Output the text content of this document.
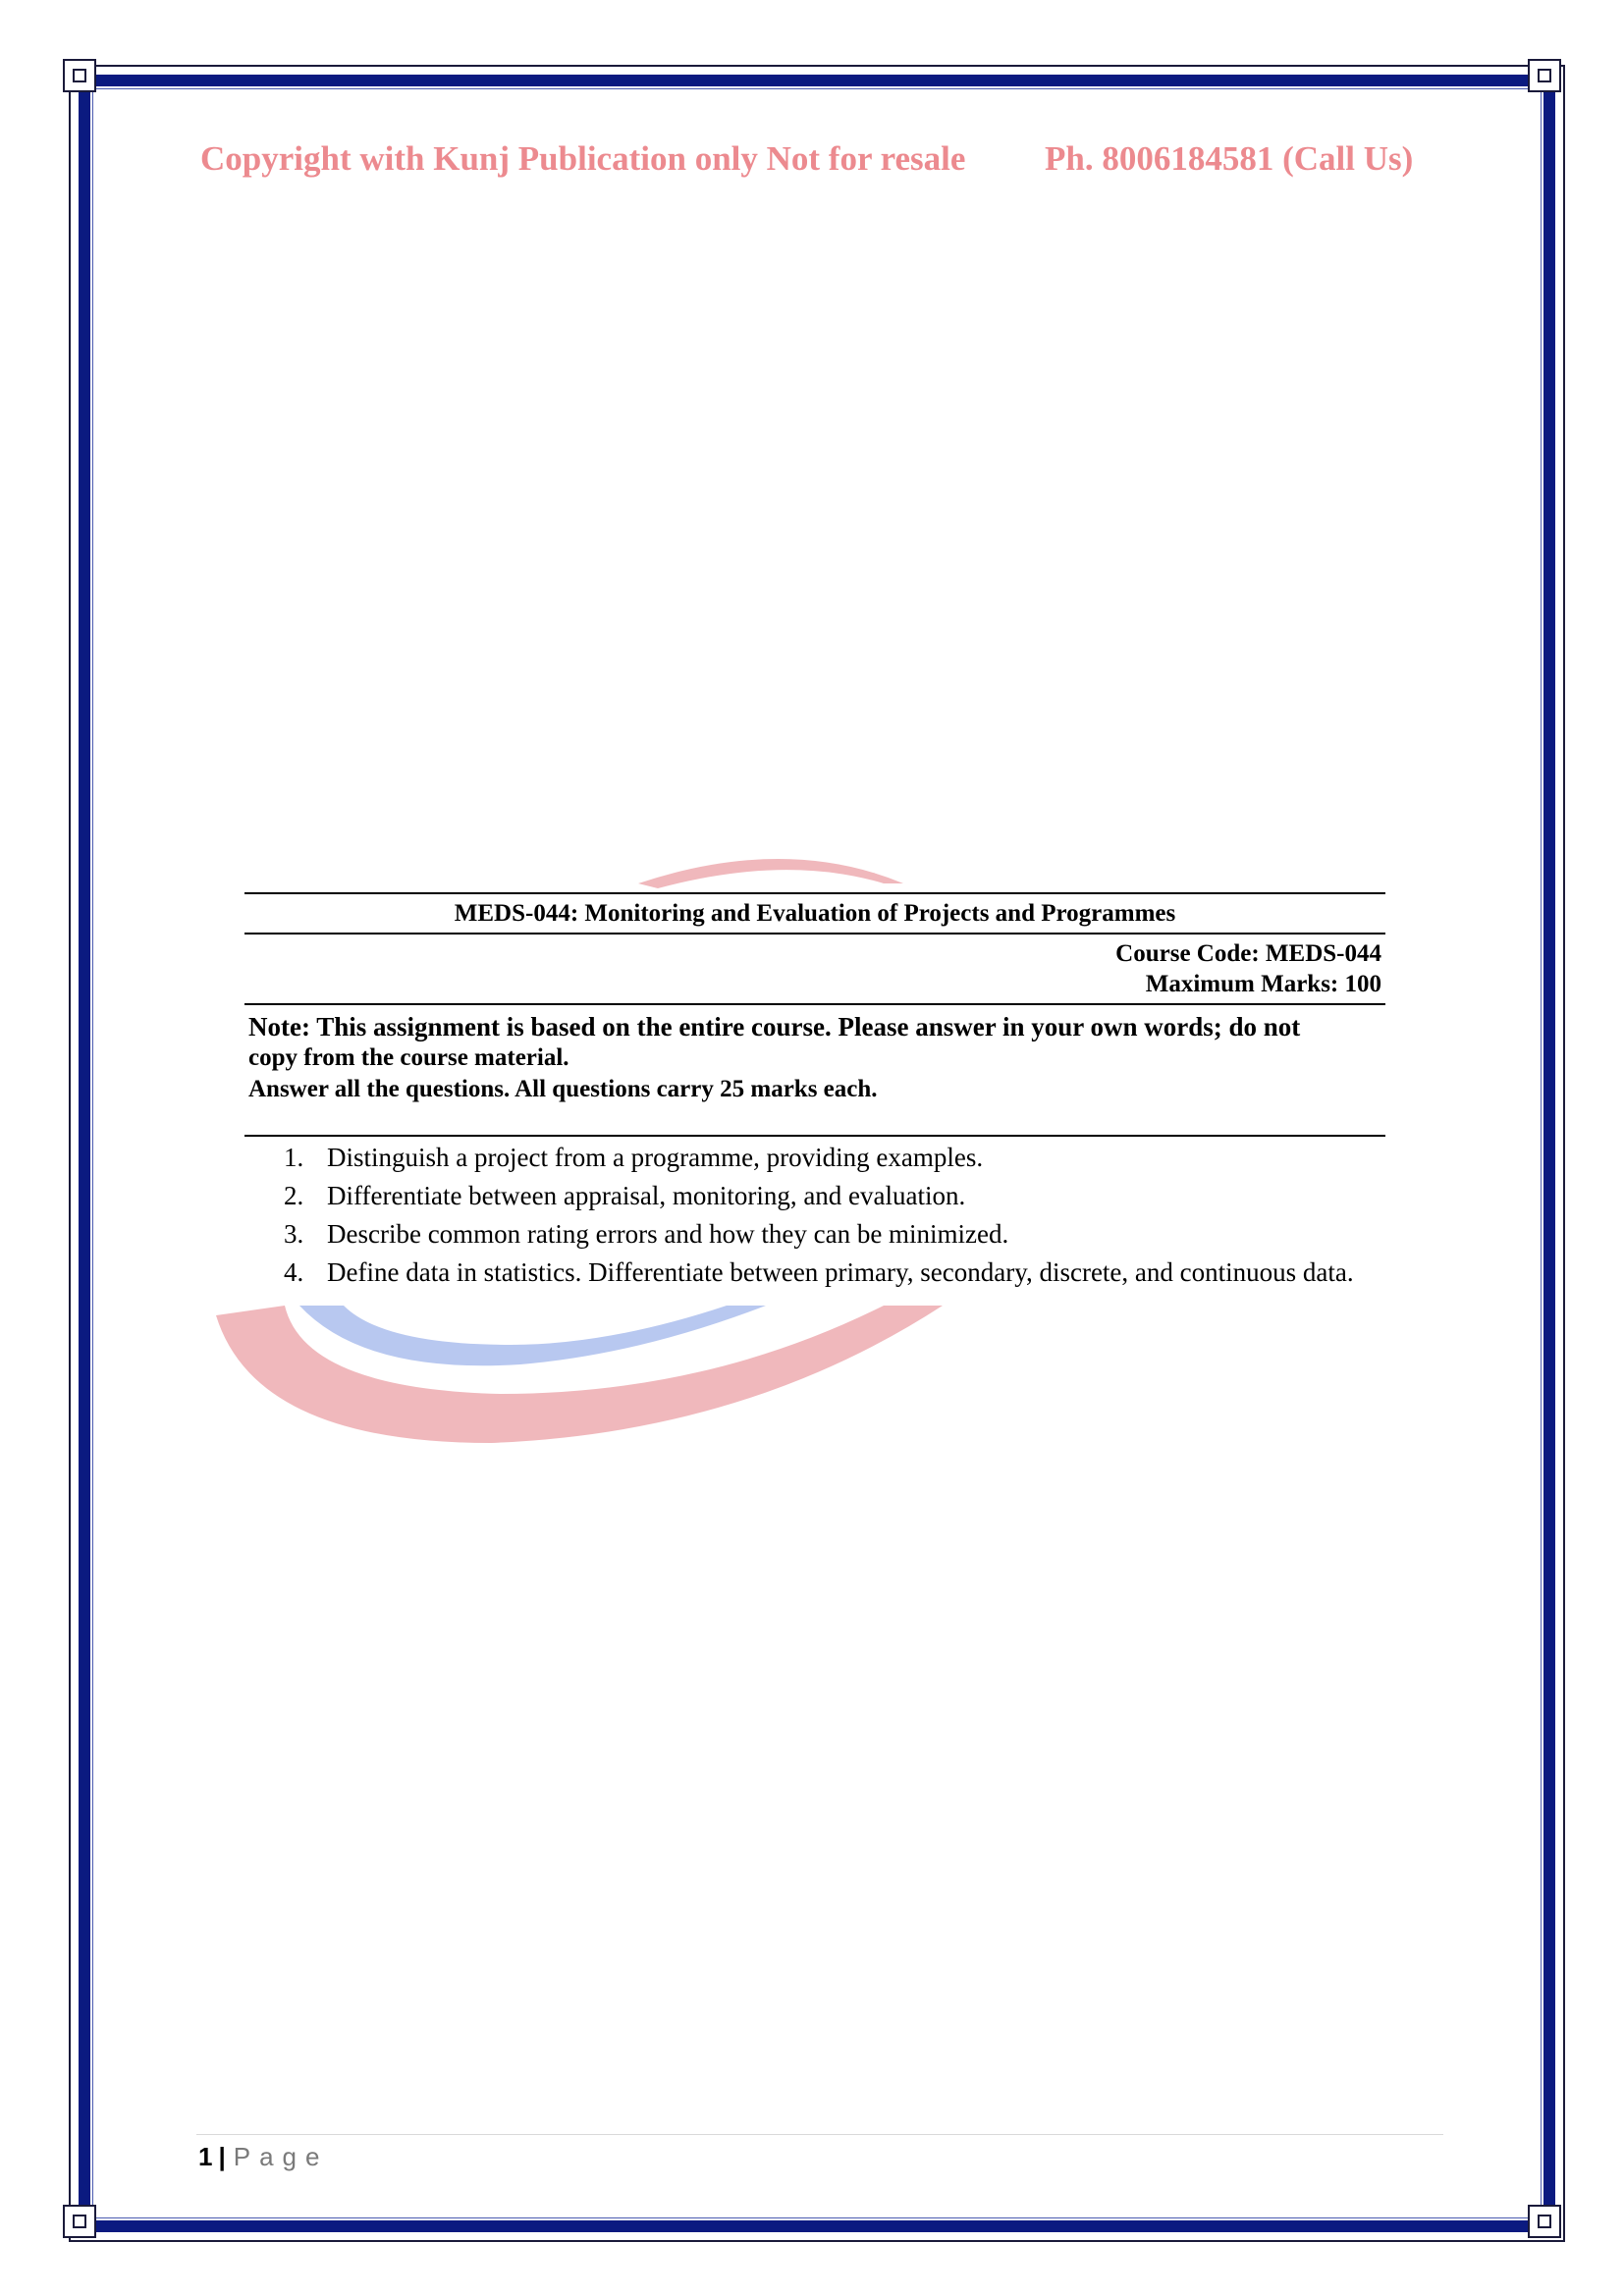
Copyright with Kunj Publication only Not for resale Ph. 8006184581 (Call Us)
MEDS-044: Monitoring and Evaluation of Projects and Programmes
Course Code: MEDS-044
Maximum Marks: 100
Note: This assignment is based on the entire course. Please answer in your own words; do not
copy from the course material.
Answer all the questions. All questions carry 25 marks each.
1. Distinguish a project from a programme, providing examples.
2. Differentiate between appraisal, monitoring, and evaluation.
3. Describe common rating errors and how they can be minimized.
4. Define data in statistics. Differentiate between primary, secondary, discrete, and continuous data.
1 | Page
